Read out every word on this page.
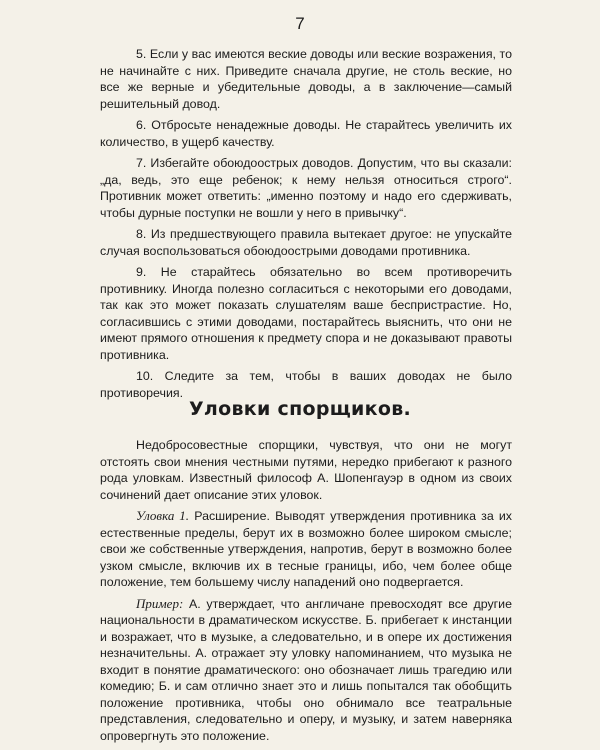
7

5. Если у вас имеются веские доводы или веские возражения, то не начинайте с них. Приведите сначала другие, не столь веские, но все же верные и убедительные доводы, а в заключение—самый решительный довод.

6. Отбросьте ненадежные доводы. Не старайтесь увеличить их количество, в ущерб качеству.

7. Избегайте обоюдоострых доводов. Допустим, что вы сказали: „да, ведь, это еще ребенок; к нему нельзя относиться строго“. Противник может ответить: „именно поэтому и надо его сдерживать, чтобы дурные поступки не вошли у него в привычку“.

8. Из предшествующего правила вытекает другое: не упускайте случая воспользоваться обоюдоострыми доводами противника.

9. Не старайтесь обязательно во всем противоречить противнику. Иногда полезно согласиться с некоторыми его доводами, так как это может показать слушателям ваше беспристрастие. Но, согласившись с этими доводами, постарайтесь выяснить, что они не имеют прямого отношения к предмету спора и не доказывают правоты противника.

10. Следите за тем, чтобы в ваших доводах не было противоречия.

Уловки спорщиков.

Недобросовестные спорщики, чувствуя, что они не могут отстоять свои мнения честными путями, нередко прибегают к разного рода уловкам. Известный философ А. Шопенгауэр в одном из своих сочинений дает описание этих уловок.

Уловка 1. Расширение. Выводят утверждения противника за их естественные пределы, берут их в возможно более широком смысле; свои же собственные утверждения, напротив, берут в возможно более узком смысле, включив их в тесные границы, ибо, чем более обще положение, тем большему числу нападений оно подвергается.

Пример: А. утверждает, что англичане превосходят все другие национальности в драматическом искусстве. Б. прибегает к инстанции и возражает, что в музыке, а следовательно, и в опере их достижения незначительны. А. отражает эту уловку напоминанием, что музыка не входит в понятие драматического: оно обозначает лишь трагедию или комедию; Б. и сам отлично знает это и лишь попытался так обобщить положение противника, чтобы оно обнимало все театральные представления, следовательно и оперу, и музыку, и затем наверняка опровергнуть это положение.
